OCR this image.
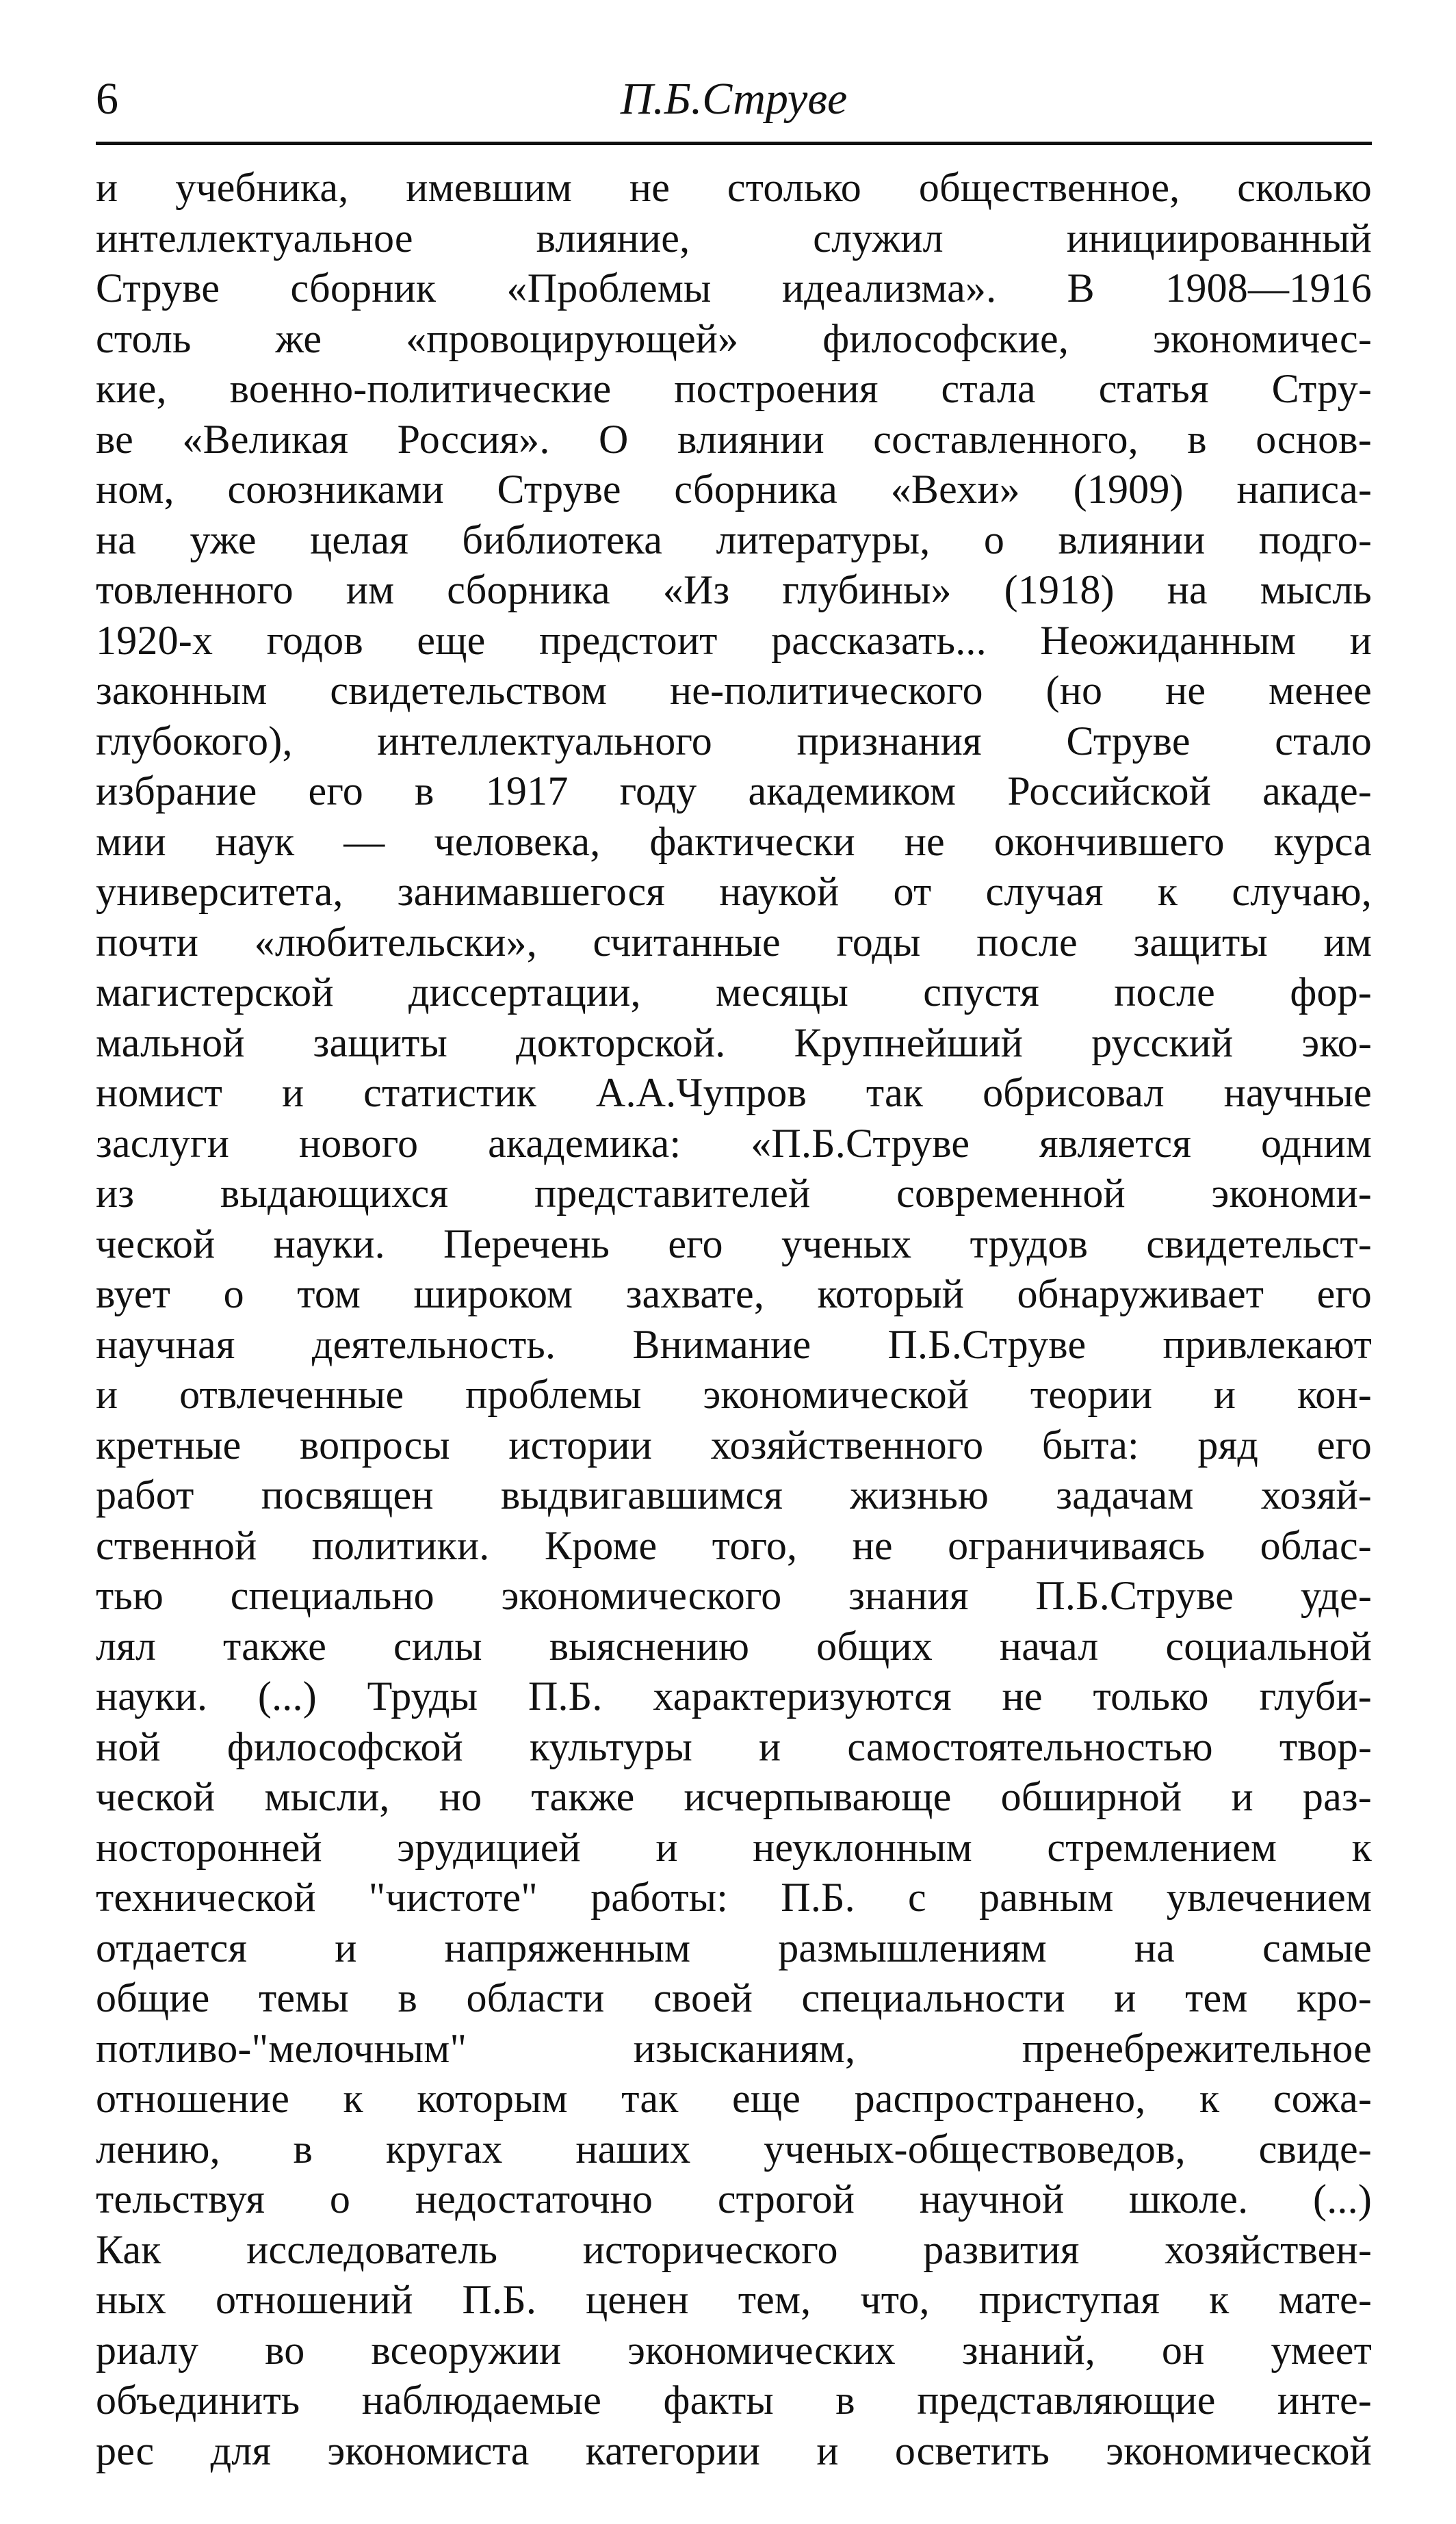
6	П.Б.Струве
и учебника, имевшим не столько общественное, сколько
интеллектуальное влияние, служил инициированный
Струве сборник «Проблемы идеализма». В 1908—1916
столь же «провоцирующей» философские, экономичес-
кие, военно-политические построения стала статья Стру-
ве «Великая Россия». О влиянии составленного, в основ-
ном, союзниками Струве сборника «Вехи» (1909) написа-
на уже целая библиотека литературы, о влиянии подго-
товленного им сборника «Из глубины» (1918) на мысль
1920-х годов еще предстоит рассказать... Неожиданным и
законным свидетельством не-политического (но не менее
глубокого), интеллектуального признания Струве стало
избрание его в 1917 году академиком Российской акаде-
мии наук — человека, фактически не окончившего курса
университета, занимавшегося наукой от случая к случаю,
почти «любительски», считанные годы после защиты им
магистерской диссертации, месяцы спустя после фор-
мальной защиты докторской. Крупнейший русский эко-
номист и статистик А.А.Чупров так обрисовал научные
заслуги нового академика: «П.Б.Струве является одним
из выдающихся представителей современной экономи-
ческой науки. Перечень его ученых трудов свидетельст-
вует о том широком захвате, который обнаруживает его
научная деятельность. Внимание П.Б.Струве привлекают
и отвлеченные проблемы экономической теории и кон-
кретные вопросы истории хозяйственного быта: ряд его
работ посвящен выдвигавшимся жизнью задачам хозяй-
ственной политики. Кроме того, не ограничиваясь облас-
тью специально экономического знания П.Б.Струве уде-
лял также силы выяснению общих начал социальной
науки. (...) Труды П.Б. характеризуются не только глуби-
ной философской культуры и самостоятельностью твор-
ческой мысли, но также исчерпывающе обширной и раз-
носторонней эрудицией и неуклонным стремлением к
технической "чистоте" работы: П.Б. с равным увлечением
отдается и напряженным размышлениям на самые
общие темы в области своей специальности и тем кро-
потливо-"мелочным" изысканиям, пренебрежительное
отношение к которым так еще распространено, к сожа-
лению, в кругах наших ученых-обществоведов, свиде-
тельствуя о недостаточно строгой научной школе. (...)
Как исследователь исторического развития хозяйствен-
ных отношений П.Б. ценен тем, что, приступая к мате-
риалу во всеоружии экономических знаний, он умеет
объединить наблюдаемые факты в представляющие инте-
рес для экономиста категории и осветить экономической
